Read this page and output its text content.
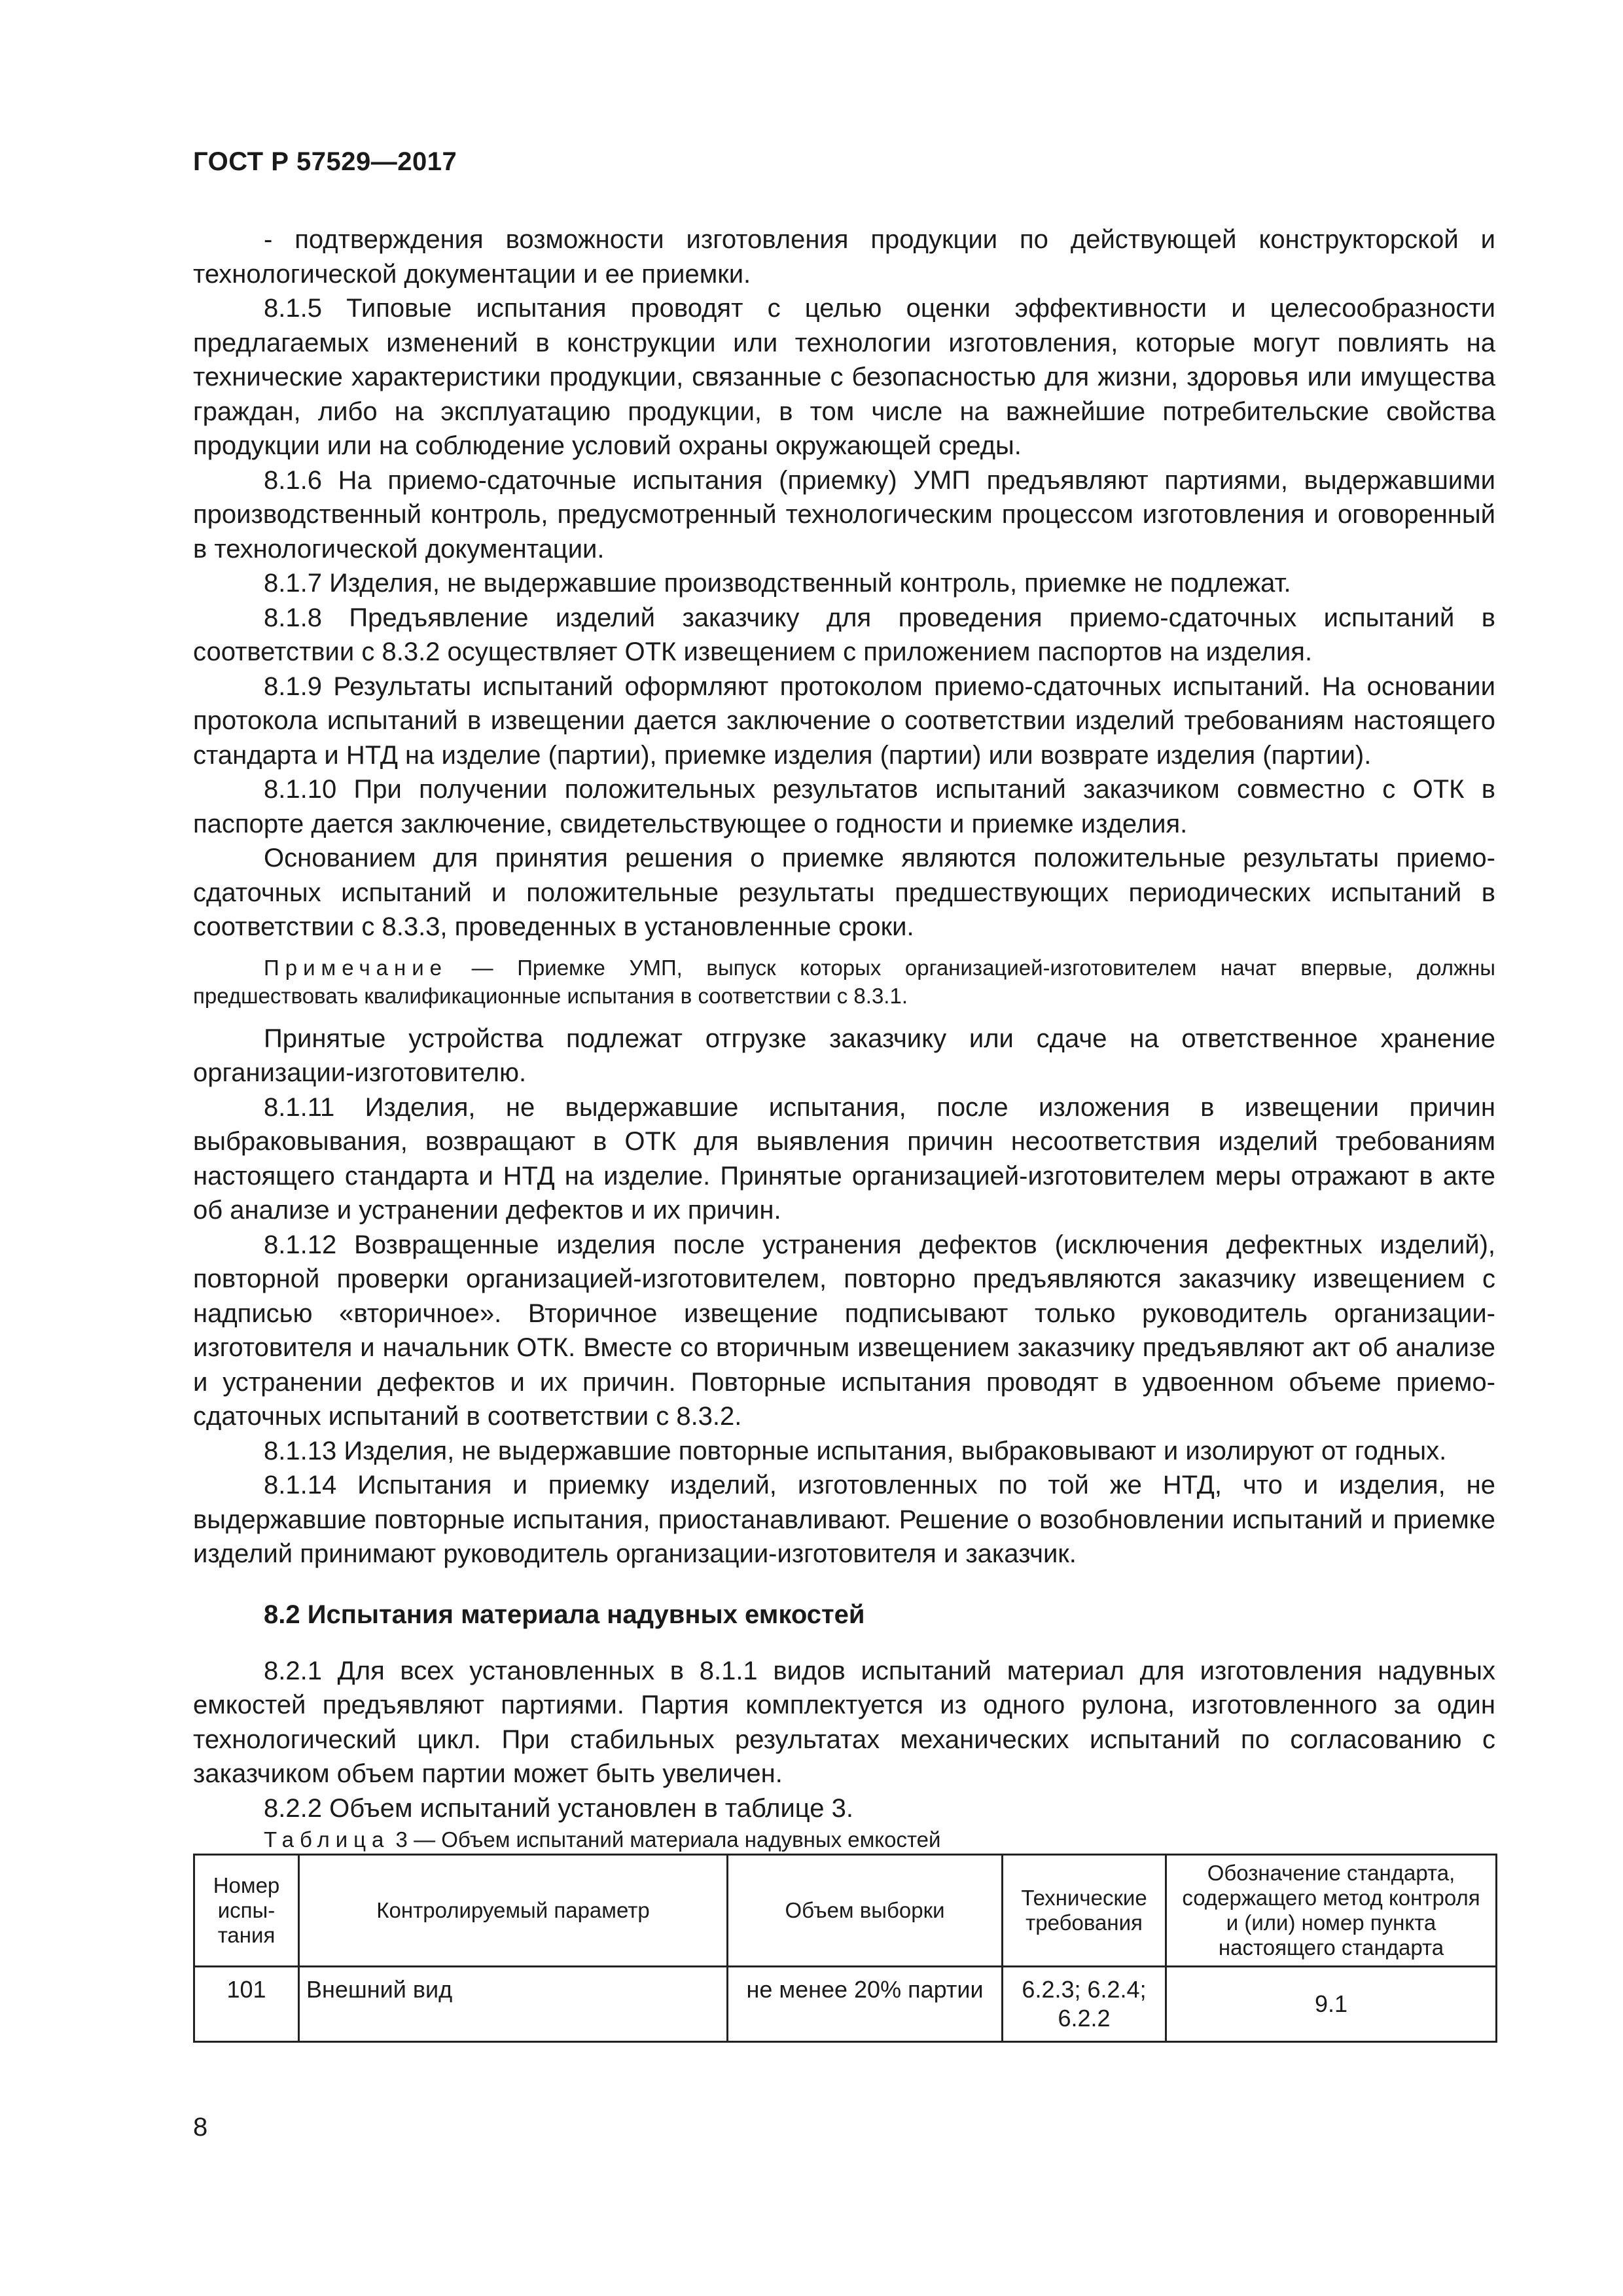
ГОСТ Р 57529—2017

- подтверждения возможности изготовления продукции по действующей конструкторской и технологической документации и ее приемки.

8.1.5 Типовые испытания проводят с целью оценки эффективности и целесообразности предлагаемых изменений в конструкции или технологии изготовления, которые могут повлиять на технические характеристики продукции, связанные с безопасностью для жизни, здоровья или имущества граждан, либо на эксплуатацию продукции, в том числе на важнейшие потребительские свойства продукции или на соблюдение условий охраны окружающей среды.

8.1.6 На приемо-сдаточные испытания (приемку) УМП предъявляют партиями, выдержавшими производственный контроль, предусмотренный технологическим процессом изготовления и оговоренный в технологической документации.

8.1.7 Изделия, не выдержавшие производственный контроль, приемке не подлежат.

8.1.8 Предъявление изделий заказчику для проведения приемо-сдаточных испытаний в соответствии с 8.3.2 осуществляет ОТК извещением с приложением паспортов на изделия.

8.1.9 Результаты испытаний оформляют протоколом приемо-сдаточных испытаний. На основании протокола испытаний в извещении дается заключение о соответствии изделий требованиям настоящего стандарта и НТД на изделие (партии), приемке изделия (партии) или возврате изделия (партии).

8.1.10 При получении положительных результатов испытаний заказчиком совместно с ОТК в паспорте дается заключение, свидетельствующее о годности и приемке изделия.

Основанием для принятия решения о приемке являются положительные результаты приемо-сдаточных испытаний и положительные результаты предшествующих периодических испытаний в соответствии с 8.3.3, проведенных в установленные сроки.

Примечание — Приемке УМП, выпуск которых организацией-изготовителем начат впервые, должны предшествовать квалификационные испытания в соответствии с 8.3.1.

Принятые устройства подлежат отгрузке заказчику или сдаче на ответственное хранение организации-изготовителю.

8.1.11 Изделия, не выдержавшие испытания, после изложения в извещении причин выбраковывания, возвращают в ОТК для выявления причин несоответствия изделий требованиям настоящего стандарта и НТД на изделие. Принятые организацией-изготовителем меры отражают в акте об анализе и устранении дефектов и их причин.

8.1.12 Возвращенные изделия после устранения дефектов (исключения дефектных изделий), повторной проверки организацией-изготовителем, повторно предъявляются заказчику извещением с надписью «вторичное». Вторичное извещение подписывают только руководитель организации-изготовителя и начальник ОТК. Вместе со вторичным извещением заказчику предъявляют акт об анализе и устранении дефектов и их причин. Повторные испытания проводят в удвоенном объеме приемо-сдаточных испытаний в соответствии с 8.3.2.

8.1.13 Изделия, не выдержавшие повторные испытания, выбраковывают и изолируют от годных.

8.1.14 Испытания и приемку изделий, изготовленных по той же НТД, что и изделия, не выдержавшие повторные испытания, приостанавливают. Решение о возобновлении испытаний и приемке изделий принимают руководитель организации-изготовителя и заказчик.

8.2 Испытания материала надувных емкостей

8.2.1 Для всех установленных в 8.1.1 видов испытаний материал для изготовления надувных емкостей предъявляют партиями. Партия комплектуется из одного рулона, изготовленного за один технологический цикл. При стабильных результатах механических испытаний по согласованию с заказчиком объем партии может быть увеличен.

8.2.2 Объем испытаний установлен в таблице 3.

Таблица 3 — Объем испытаний материала надувных емкостей

Номер испы-тания	Контролируемый параметр	Объем выборки	Технические требования	Обозначение стандарта, содержащего метод контроля и (или) номер пункта настоящего стандарта
101	Внешний вид	не менее 20% партии	6.2.3; 6.2.4; 6.2.2	9.1
8
